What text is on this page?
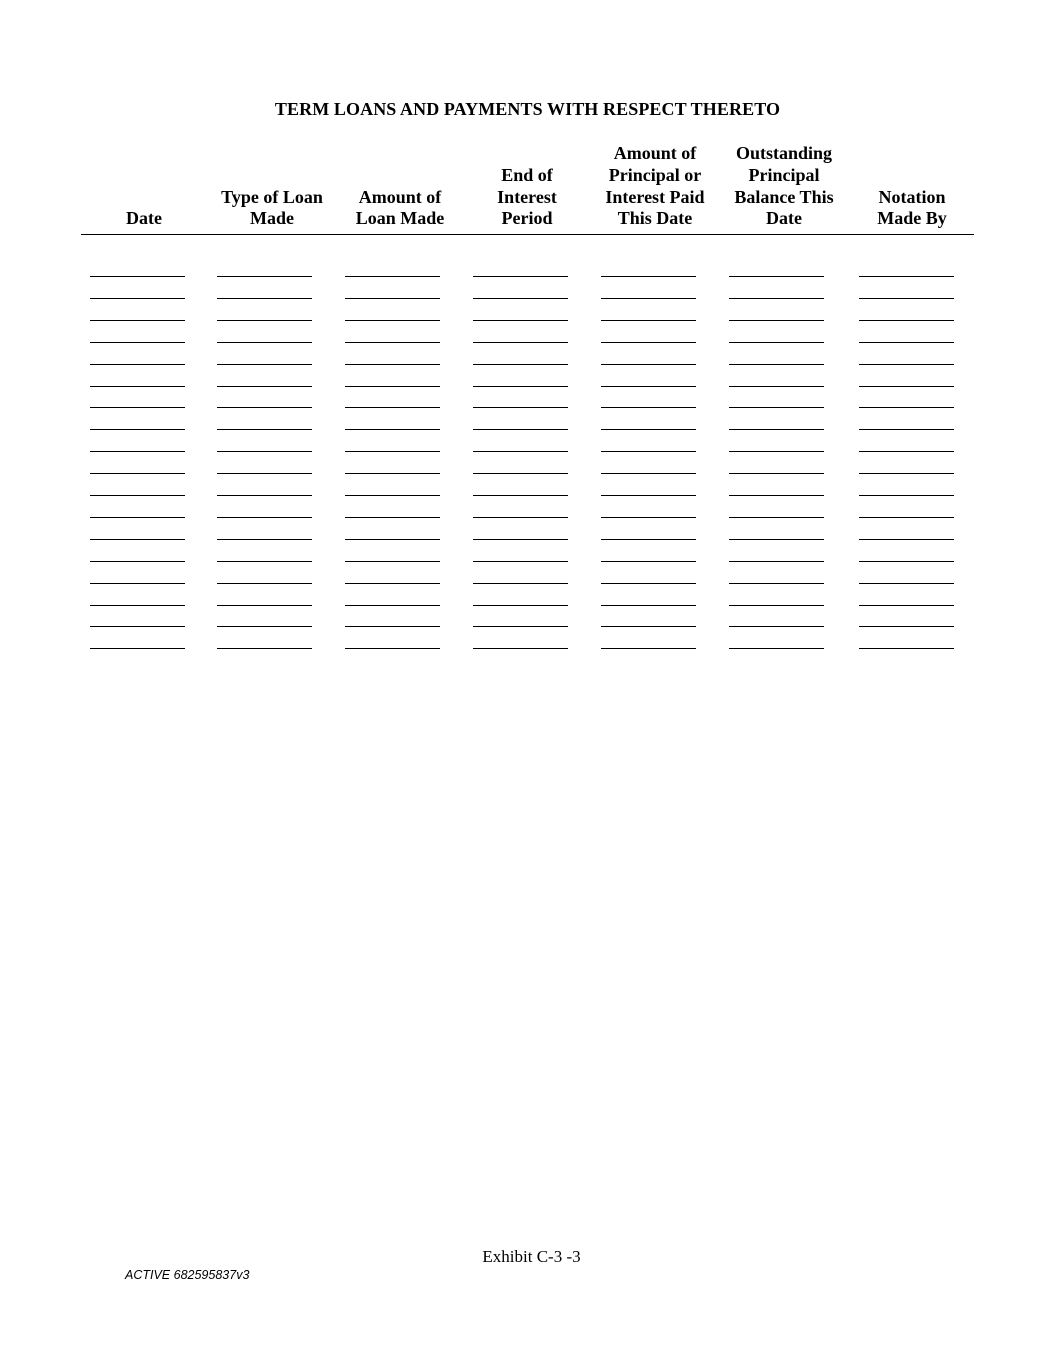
TERM LOANS AND PAYMENTS WITH RESPECT THERETO
Date
Type of Loan
Made
Amount of
Loan Made
End of
Interest
Period
Amount of
Principal or
Interest Paid
This Date
Outstanding
Principal
Balance This
Date
Notation
Made By
Exhibit C-3 -3
ACTIVE 682595837v3
